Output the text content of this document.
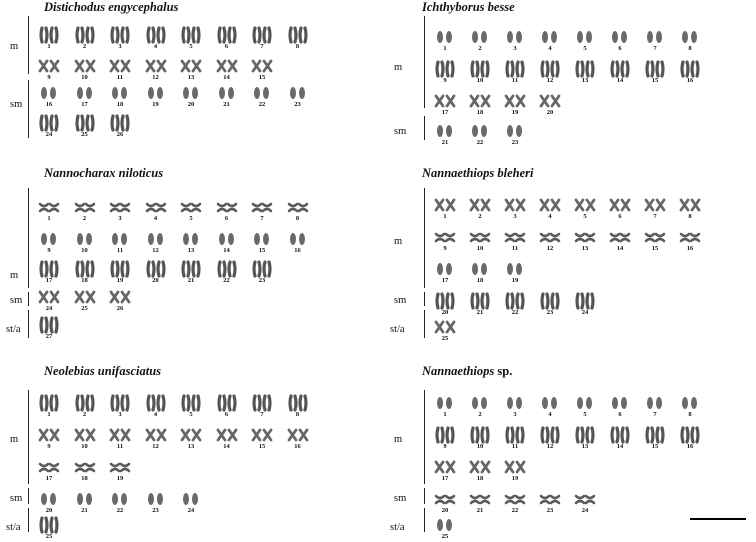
Distichodus engycephalus
m	1	2	3	4	5	6	7	8
9	10	11	12	13	14	15
sm	16	17	18	19	20	21	22	23
24	25	26
Ichthyborus besse
m
1	2	3	4	5	6	7	8
9	10	11	12	13	14	15	16
17	18	19	20
sm
21	22	23
Nannocharax niloticus
m
1	2	3	4	5	6	7	8
9	10	11	12	13	14	15	16
17	18	19	20	21	22	23
sm
24	25	26
st/a
27
Nannaethiops bleheri
m
1	2	3	4	5	6	7	8
9	10	11	12	13	14	15	16
17	18	19
sm
20	21	22	23	24
st/a
25
Neolebias unifasciatus
m
1	2	3	4	5	6	7	8
9	10	11	12	13	14	15	16
17	18	19
sm
20	21	22	23	24
st/a
25
Nannaethiops sp.
m
1	2	3	4	5	6	7	8
9	10	11	12	13	14	15	16
17	18	19
sm
20	21	22	23	24
st/a
25
